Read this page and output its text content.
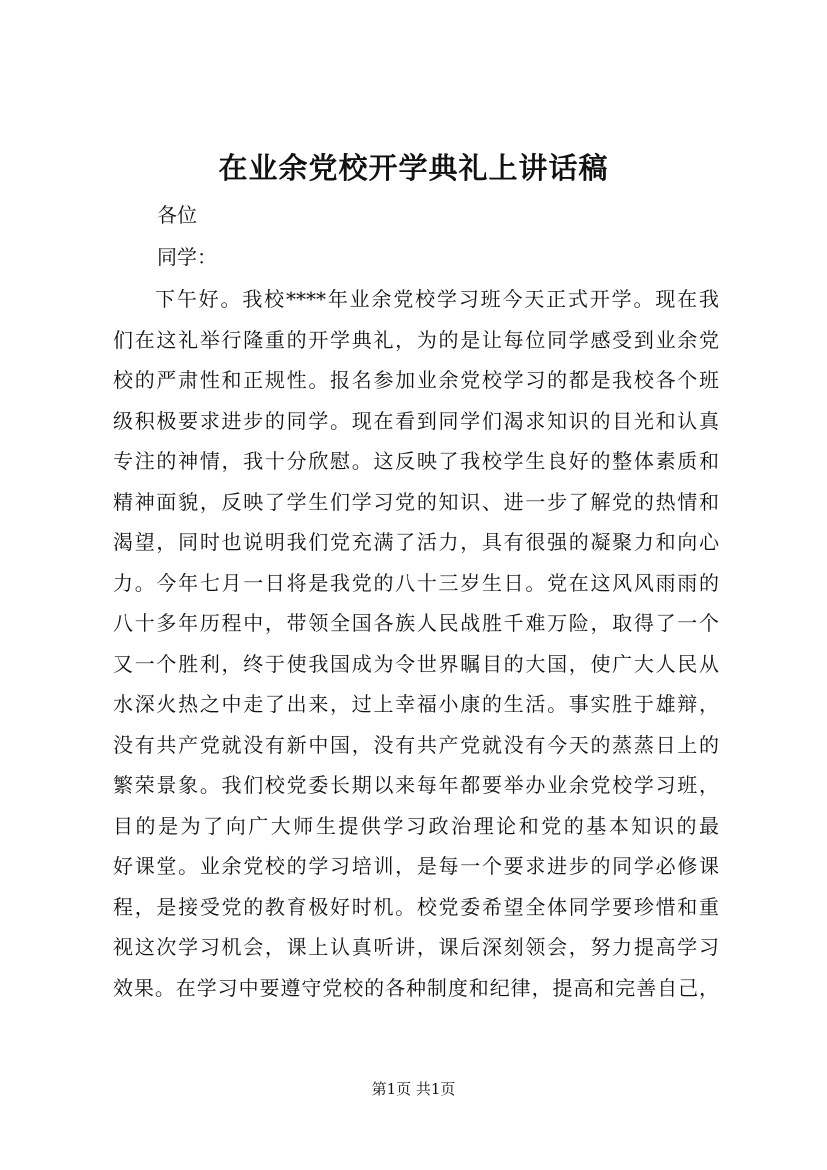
在业余党校开学典礼上讲话稿

各位

同学：

下午好。我校****年业余党校学习班今天正式开学。现在我
们在这礼举行隆重的开学典礼，为的是让每位同学感受到业余党
校的严肃性和正规性。报名参加业余党校学习的都是我校各个班
级积极要求进步的同学。现在看到同学们渴求知识的目光和认真
专注的神情，我十分欣慰。这反映了我校学生良好的整体素质和
精神面貌，反映了学生们学习党的知识、进一步了解党的热情和
渴望，同时也说明我们党充满了活力，具有很强的凝聚力和向心
力。今年七月一日将是我党的八十三岁生日。党在这风风雨雨的
八十多年历程中，带领全国各族人民战胜千难万险，取得了一个
又一个胜利，终于使我国成为令世界瞩目的大国，使广大人民从
水深火热之中走了出来，过上幸福小康的生活。事实胜于雄辩，
没有共产党就没有新中国，没有共产党就没有今天的蒸蒸日上的
繁荣景象。我们校党委长期以来每年都要举办业余党校学习班，
目的是为了向广大师生提供学习政治理论和党的基本知识的最
好课堂。业余党校的学习培训，是每一个要求进步的同学必修课
程，是接受党的教育极好时机。校党委希望全体同学要珍惜和重
视这次学习机会，课上认真听讲，课后深刻领会，努力提高学习
效果。在学习中要遵守党校的各种制度和纪律，提高和完善自己，

第1页 共1页
